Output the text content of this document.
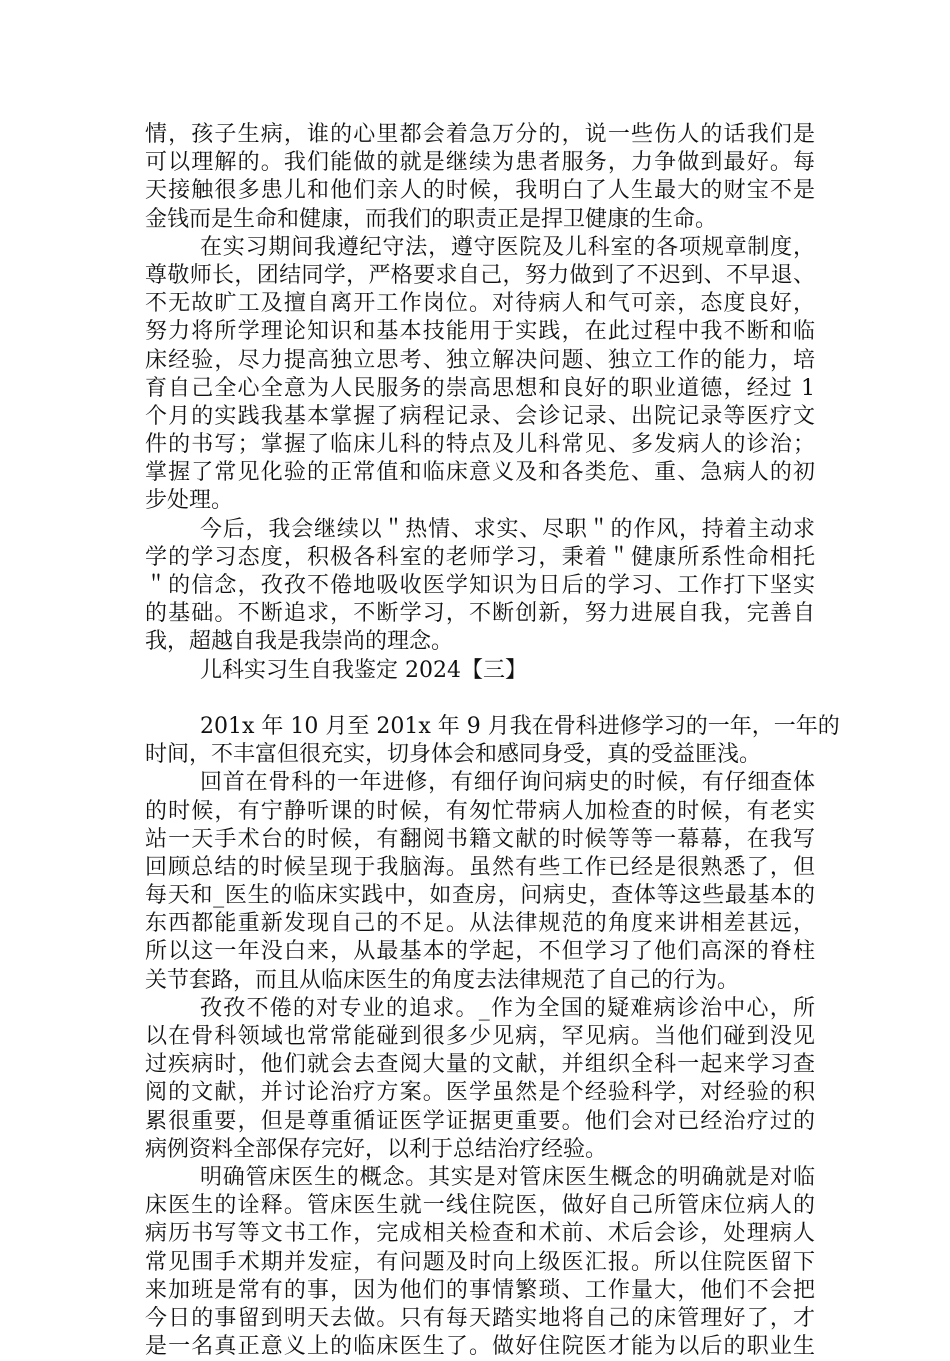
情，孩子生病，谁的心里都会着急万分的，说一些伤人的话我们是
可以理解的。我们能做的就是继续为患者服务，力争做到最好。每
天接触很多患儿和他们亲人的时候，我明白了人生最大的财宝不是
金钱而是生命和健康，而我们的职责正是捍卫健康的生命。
在实习期间我遵纪守法，遵守医院及儿科室的各项规章制度，
尊敬师长，团结同学，严格要求自己，努力做到了不迟到、不早退、
不无故旷工及擅自离开工作岗位。对待病人和气可亲，态度良好，
努力将所学理论知识和基本技能用于实践，在此过程中我不断和临
床经验，尽力提高独立思考、独立解决问题、独立工作的能力，培
育自己全心全意为人民服务的崇高思想和良好的职业道德，经过 1
个月的实践我基本掌握了病程记录、会诊记录、出院记录等医疗文
件的书写；掌握了临床儿科的特点及儿科常见、多发病人的诊治；
掌握了常见化验的正常值和临床意义及和各类危、重、急病人的初
步处理。
今后，我会继续以＂热情、求实、尽职＂的作风，持着主动求
学的学习态度，积极各科室的老师学习，秉着＂健康所系性命相托
＂的信念，孜孜不倦地吸收医学知识为日后的学习、工作打下坚实
的基础。不断追求，不断学习，不断创新，努力进展自我，完善自
我，超越自我是我崇尚的理念。
儿科实习生自我鉴定 2024【三】
201x 年 10 月至 201x 年 9 月我在骨科进修学习的一年，一年的
时间，不丰富但很充实，切身体会和感同身受，真的受益匪浅。
回首在骨科的一年进修，有细仔询问病史的时候，有仔细查体
的时候，有宁静听课的时候，有匆忙带病人加检查的时候，有老实
站一天手术台的时候，有翻阅书籍文献的时候等等一幕幕，在我写
回顾总结的时候呈现于我脑海。虽然有些工作已经是很熟悉了，但
每天和_医生的临床实践中，如查房，问病史，查体等这些最基本的
东西都能重新发现自己的不足。从法律规范的角度来讲相差甚远，
所以这一年没白来，从最基本的学起，不但学习了他们高深的脊柱
关节套路，而且从临床医生的角度去法律规范了自己的行为。
孜孜不倦的对专业的追求。_作为全国的疑难病诊治中心，所
以在骨科领域也常常能碰到很多少见病，罕见病。当他们碰到没见
过疾病时，他们就会去查阅大量的文献，并组织全科一起来学习查
阅的文献，并讨论治疗方案。医学虽然是个经验科学，对经验的积
累很重要，但是尊重循证医学证据更重要。他们会对已经治疗过的
病例资料全部保存完好，以利于总结治疗经验。
明确管床医生的概念。其实是对管床医生概念的明确就是对临
床医生的诠释。管床医生就一线住院医，做好自己所管床位病人的
病历书写等文书工作，完成相关检查和术前、术后会诊，处理病人
常见围手术期并发症，有问题及时向上级医汇报。所以住院医留下
来加班是常有的事，因为他们的事情繁琐、工作量大，他们不会把
今日的事留到明天去做。只有每天踏实地将自己的床管理好了，才
是一名真正意义上的临床医生了。做好住院医才能为以后的职业生
